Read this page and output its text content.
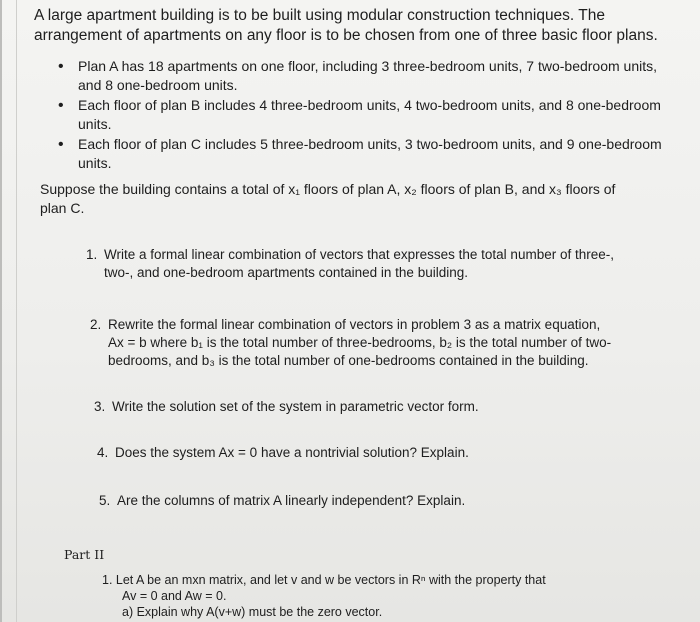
A large apartment building is to be built using modular construction techniques. The
arrangement of apartments on any floor is to be chosen from one of three basic floor plans.
• Plan A has 18 apartments on one floor, including 3 three-bedroom units, 7 two-bedroom units, and 8 one-bedroom units.
• Each floor of plan B includes 4 three-bedroom units, 4 two-bedroom units, and 8 one-bedroom units.
• Each floor of plan C includes 5 three-bedroom units, 3 two-bedroom units, and 9 one-bedroom units.
Suppose the building contains a total of x₁ floors of plan A, x₂ floors of plan B, and x₃ floors of
plan C.
1. Write a formal linear combination of vectors that expresses the total number of three-,
two-, and one-bedroom apartments contained in the building.
2. Rewrite the formal linear combination of vectors in problem 3 as a matrix equation,
Ax = b where b₁ is the total number of three-bedrooms, b₂ is the total number of two-
bedrooms, and b₃ is the total number of one-bedrooms contained in the building.
3. Write the solution set of the system in parametric vector form.
4. Does the system Ax = 0 have a nontrivial solution? Explain.
5. Are the columns of matrix A linearly independent? Explain.
Part II
1. Let A be an mxn matrix, and let v and w be vectors in Rⁿ with the property that
Av = 0 and Aw = 0.
a) Explain why A(v+w) must be the zero vector.
